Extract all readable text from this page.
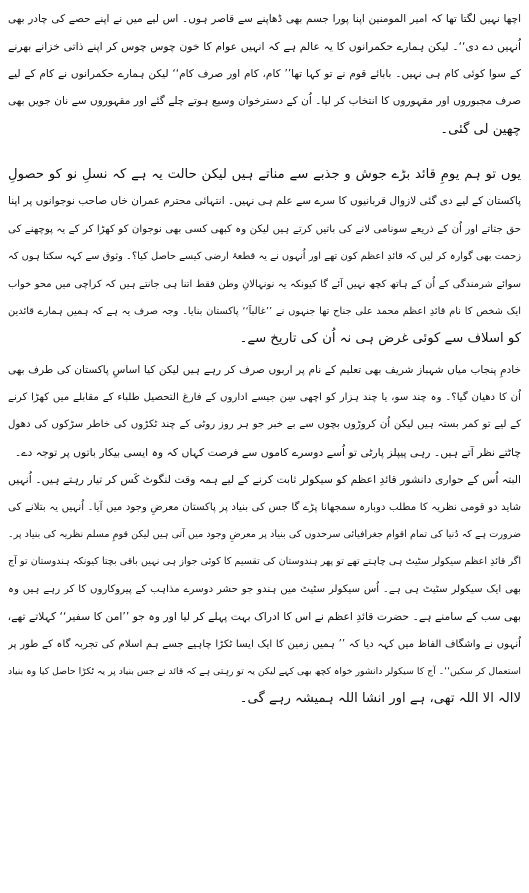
اچھا نہیں لگتا تھا کہ امیر المومنین اپنا پورا جسم بھی ڈھاپنے سے قاصر ہوں۔ اس لیے میں نے اپنے حصے کی چادر بھی
اُنہیں دے دی‘‘۔ لیکن ہمارے حکمرانوں کا یہ عالم ہے کہ انہیں عوام کا خون چوس چوس کر اپنے ذاتی خزانے بھرنے
کے سوا کوئی کام ہی نہیں۔ بابائے قوم نے تو کہا تھا’’ کام، کام اور صرف کام‘‘ لیکن ہمارے حکمرانوں نے کام کے لیے
صرف مجبوروں اور مقہوروں کا انتخاب کر لیا۔ اُن کے دسترخوان وسیع ہوتے چلے گئے اور مقہوروں سے نان جویں بھی
چھین لی گئی۔
یوں تو ہم یومِ قائد بڑے جوش و جذبے سے مناتے ہیں لیکن حالت یہ ہے کہ نسلِ نو کو حصولِ
پاکستان کے لیے دی گئی لازوال قربانیوں کا سرے سے علم ہی نہیں۔ انتہائی محترم عمران خاں صاحب نوجوانوں پر اپنا
حق جتاتے اور اُن کے ذریعے سونامی لانے کی باتیں کرتے ہیں لیکن وہ کبھی کسی بھی نوجوان کو کھڑا کر کے یہ پوچھنے کی
زحمت بھی گوارہ کر لیں کہ قائدِ اعظم کون تھے اور اُنہوں نے یہ قطعۂ ارضی کیسے حاصل کیا؟۔ وثوق سے کہہ سکتا ہوں کہ
سوائے شرمندگی کے اُن کے ہاتھ کچھ نہیں آئے گا کیونکہ یہ نونہالانِ وطن فقط اتنا ہی جانتے ہیں کہ کراچی میں محو خواب
ایک شخص کا نام قائدِ اعظم محمد علی جناح تھا جنہوں نے ’’غالباََ‘‘ پاکستان بنایا۔ وجہ صرف یہ ہے کہ ہمیں ہمارے قائدین
کو اسلاف سے کوئی غرض ہی نہ اُن کی تاریخ سے۔
خادمِ پنجاب میاں شہباز شریف بھی تعلیم کے نام پر اربوں صرف کر رہے ہیں لیکن کیا اساسِ پاکستان کی طرف بھی
اُن کا دھیان گیا؟۔ وہ چند سو، یا چند ہزار کو اچھی سِن جیسے اداروں کے فارغ التحصیل طلباء کے مقابلے میں کھڑا کرنے
کے لیے تو کمر بستہ ہیں لیکن اُن کروڑوں بچوں سے بے خبر جو ہر روز روٹی کے چند ٹکڑوں کی خاطر سڑکوں کی دھول
چاٹتے نظر آتے ہیں۔ رہی پیپلز پارٹی تو اُسے دوسرے کاموں سے فرصت کہاں کہ وہ ایسی بیکار باتوں پر توجہ دے۔
البتہ اُس کے حواری دانشور قائدِ اعظم کو سیکولر ثابت کرنے کے لیے ہمہ وقت لنگوٹ کَس کر تیار رہتے ہیں۔ اُنہیں
شاید دو قومی نظریہ کا مطلب دوبارہ سمجھانا پڑے گا جس کی بنیاد پر پاکستان معرضِ وجود میں آیا۔ اُنہیں یہ بتلانے کی
ضرورت ہے کہ دُنیا کی تمام اقوام جغرافیائی سرحدوں کی بنیاد پر معرضِ وجود میں آتی ہیں لیکن قومِ مسلم نظریہ کی بنیاد پر۔
اگر قائدِ اعظم سیکولر سٹیٹ ہی چاہتے تھے تو پھر ہندوستان کی تقسیم کا کوئی جواز ہی نہیں باقی بچتا کیونکہ ہندوستان تو آج
بھی ایک سیکولر سٹیٹ ہی ہے۔ اُس سیکولر سٹیٹ میں ہندو جو حشر دوسرے مذاہب کے پیروکاروں کا کر رہے ہیں وہ
بھی سب کے سامنے ہے۔ حضرت قائدِ اعظم نے اس کا ادراک بہت پہلے کر لیا اور وہ جو ’’امن کا سفیر‘‘ کہلاتے تھے،
اُنہوں نے واشگاف الفاظ میں کہہ دیا کہ ’’ ہمیں زمین کا ایک ایسا ٹکڑا چاہیے جسے ہم اسلام کی تجربہ گاہ کے طور پر
استعمال کر سکیں‘‘۔ آج کا سیکولر دانشور خواہ کچھ بھی کہے لیکن یہ تو رہتی ہے کہ قائد نے جس بنیاد پر یہ ٹکڑا حاصل کیا وہ بنیاد
لاالہ الا اللہ تھی، ہے اور انشا اللہ ہمیشہ رہے گی۔
